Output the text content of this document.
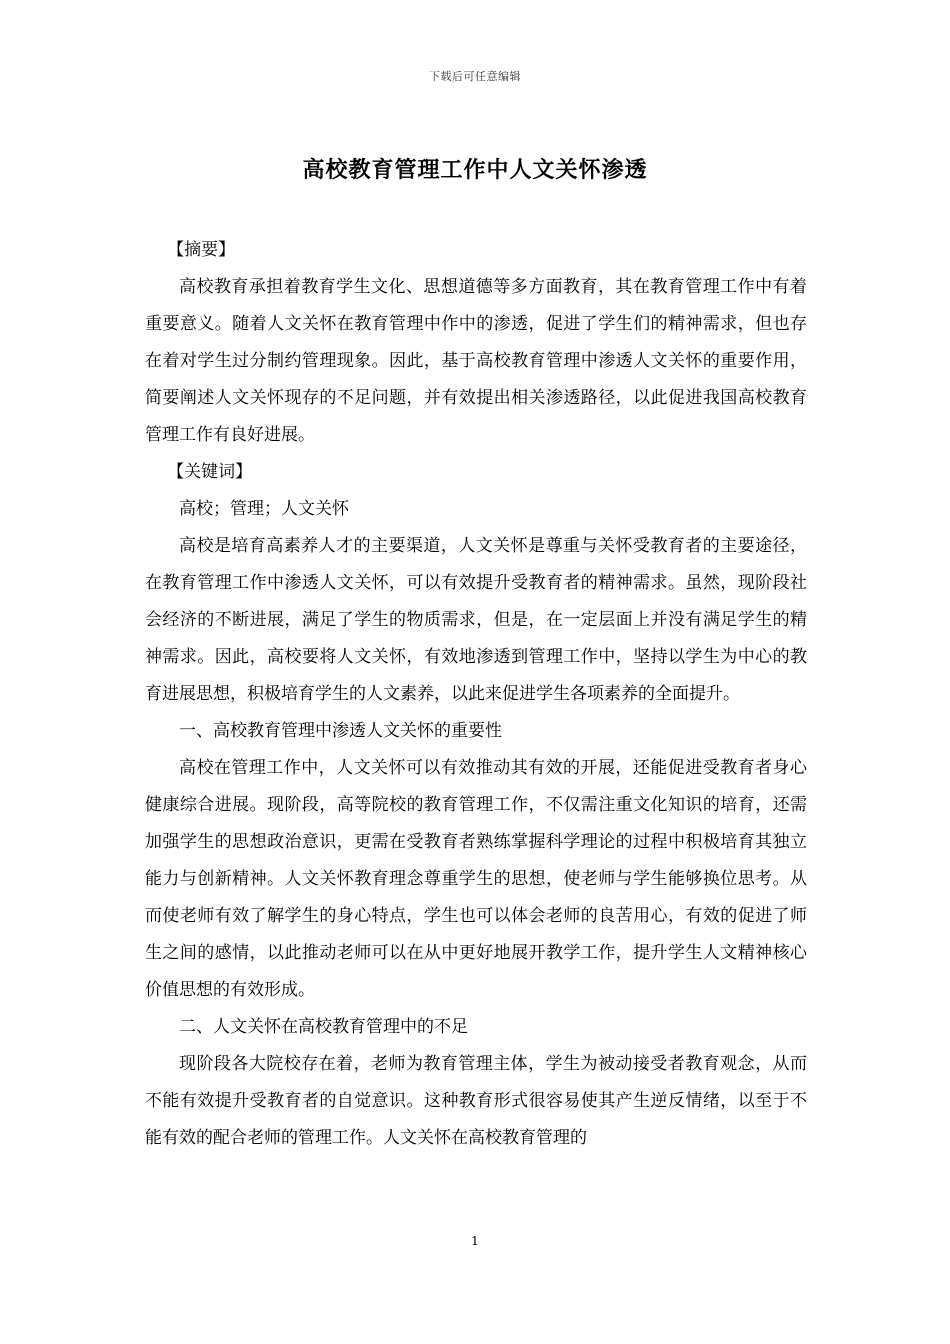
下载后可任意编辑
高校教育管理工作中人文关怀渗透

【摘要】

高校教育承担着教育学生文化、思想道德等多方面教育，其在教育管理工作中有着重要意义。随着人文关怀在教育管理中作中的渗透，促进了学生们的精神需求，但也存在着对学生过分制约管理现象。因此，基于高校教育管理中渗透人文关怀的重要作用，简要阐述人文关怀现存的不足问题，并有效提出相关渗透路径，以此促进我国高校教育管理工作有良好进展。

【关键词】

高校；管理；人文关怀

高校是培育高素养人才的主要渠道，人文关怀是尊重与关怀受教育者的主要途径，在教育管理工作中渗透人文关怀，可以有效提升受教育者的精神需求。虽然，现阶段社会经济的不断进展，满足了学生的物质需求，但是，在一定层面上并没有满足学生的精神需求。因此，高校要将人文关怀，有效地渗透到管理工作中，坚持以学生为中心的教育进展思想，积极培育学生的人文素养，以此来促进学生各项素养的全面提升。

一、高校教育管理中渗透人文关怀的重要性

高校在管理工作中，人文关怀可以有效推动其有效的开展，还能促进受教育者身心健康综合进展。现阶段，高等院校的教育管理工作，不仅需注重文化知识的培育，还需加强学生的思想政治意识，更需在受教育者熟练掌握科学理论的过程中积极培育其独立能力与创新精神。人文关怀教育理念尊重学生的思想，使老师与学生能够换位思考。从而使老师有效了解学生的身心特点，学生也可以体会老师的良苦用心，有效的促进了师生之间的感情，以此推动老师可以在从中更好地展开教学工作，提升学生人文精神核心价值思想的有效形成。

二、人文关怀在高校教育管理中的不足

现阶段各大院校存在着，老师为教育管理主体，学生为被动接受者教育观念，从而不能有效提升受教育者的自觉意识。这种教育形式很容易使其产生逆反情绪，以至于不能有效的配合老师的管理工作。人文关怀在高校教育管理的

1
